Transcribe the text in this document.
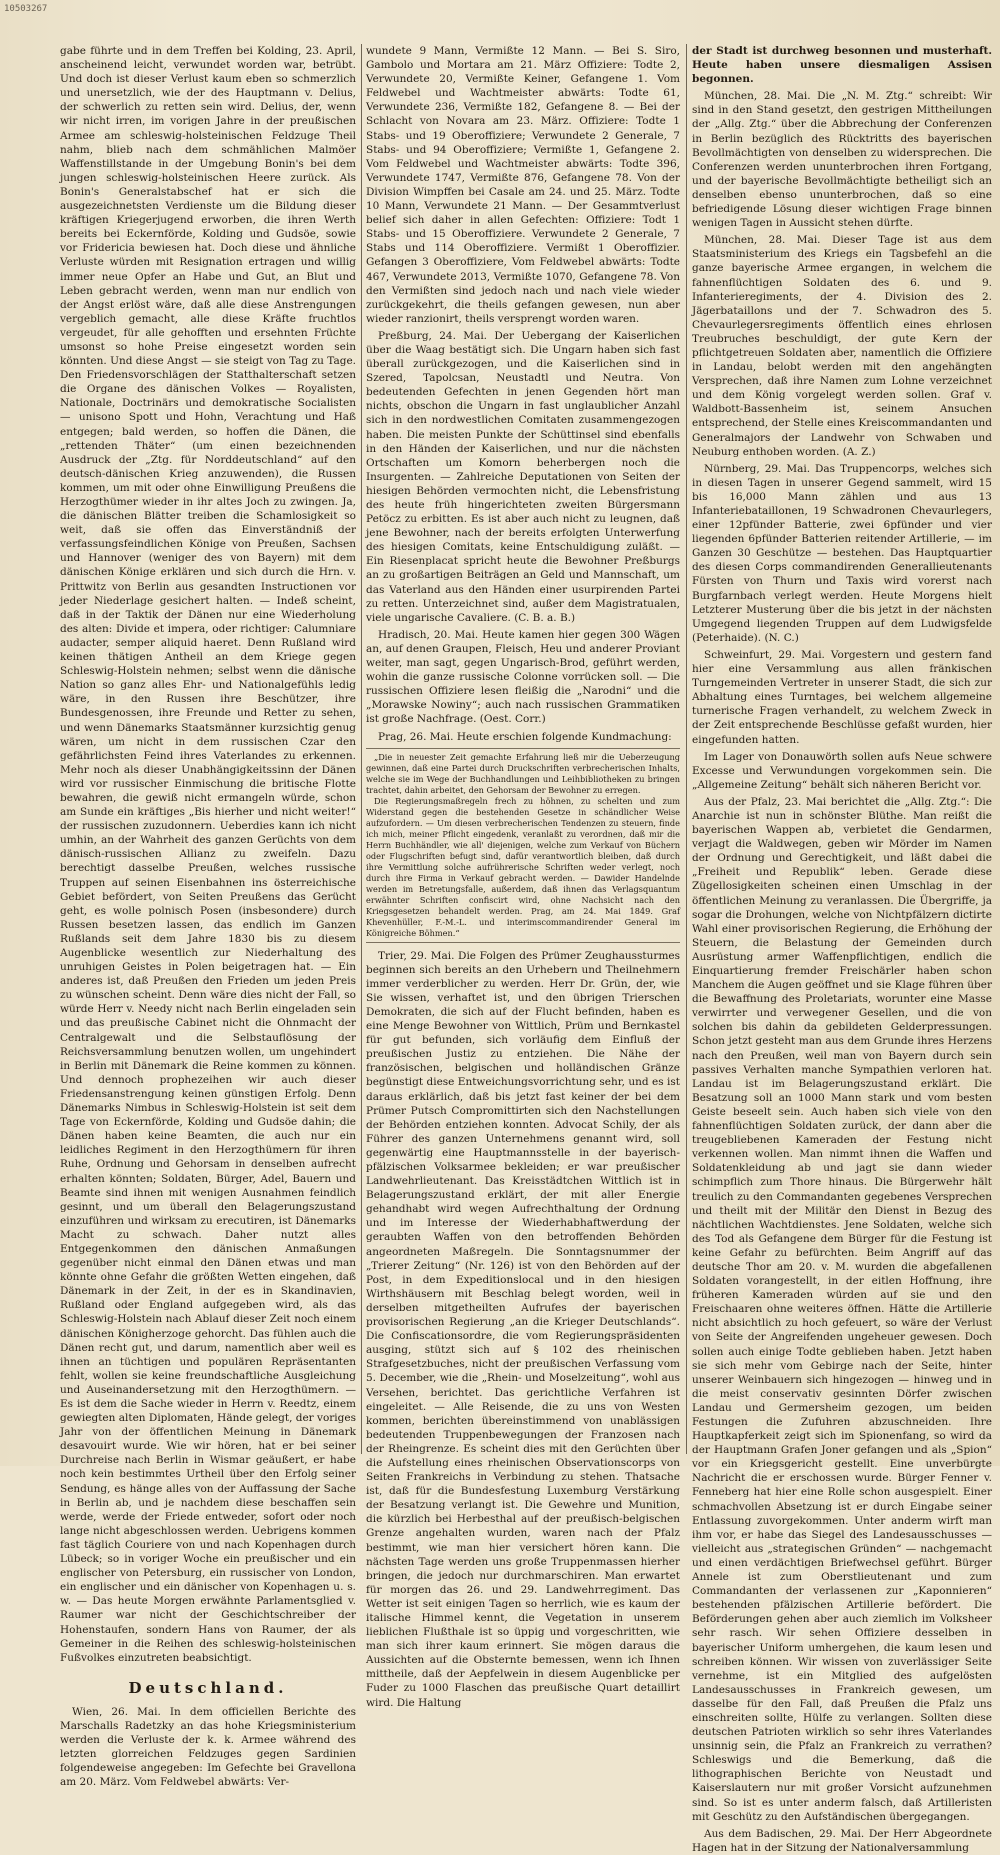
10503267

gabe führte und in dem Treffen bei Kolding, 23. April, anscheinend leicht, verwundet worden war, betrübt. Und doch ist dieser Verlust kaum eben so schmerzlich und unersetzlich, wie der des Hauptmann v. Delius, der schwerlich zu retten sein wird. Delius, der, wenn wir nicht irren, im vorigen Jahre in der preußischen Armee am schleswig-holsteinischen Feldzuge Theil nahm, blieb nach dem schmählichen Malmöer Waffenstillstande in der Umgebung Bonin's bei dem jungen schleswig-holsteinischen Heere zurück. Als Bonin's Generalstabschef hat er sich die ausgezeichnetsten Verdienste um die Bildung dieser kräftigen Kriegerjugend erworben, die ihren Werth bereits bei Eckernförde, Kolding und Gudsöe, sowie vor Fridericia bewiesen hat. Doch diese und ähnliche Verluste würden mit Resignation ertragen und willig immer neue Opfer an Habe und Gut, an Blut und Leben gebracht werden, wenn man nur endlich von der Angst erlöst wäre, daß alle diese Anstrengungen vergeblich gemacht, alle diese Kräfte fruchtlos vergeudet, für alle gehofften und ersehnten Früchte umsonst so hohe Preise eingesetzt worden sein könnten. Und diese Angst — sie steigt von Tag zu Tage. Den Friedensvorschlägen der Statthalterschaft setzen die Organe des dänischen Volkes — Royalisten, Nationale, Doctrinärs und demokratische Socialisten — unisono Spott und Hohn, Verachtung und Haß entgegen; bald werden, so hoffen die Dänen, die „rettenden Thäter“ (um einen bezeichnenden Ausdruck der „Ztg. für Norddeutschland“ auf den deutsch-dänischen Krieg anzuwenden), die Russen kommen, um mit oder ohne Einwilligung Preußens die Herzogthümer wieder in ihr altes Joch zu zwingen. Ja, die dänischen Blätter treiben die Schamlosigkeit so weit, daß sie offen das Einverständniß der verfassungsfeindlichen Könige von Preußen, Sachsen und Hannover (weniger des von Bayern) mit dem dänischen Könige erklären und sich durch die Hrn. v. Prittwitz von Berlin aus gesandten Instructionen vor jeder Niederlage gesichert halten. — Indeß scheint, daß in der Taktik der Dänen nur eine Wiederholung des alten: Divide et impera, oder richtiger: Calumniare audacter, semper aliquid haeret. Denn Rußland wird keinen thätigen Antheil an dem Kriege gegen Schleswig-Holstein nehmen; selbst wenn die dänische Nation so ganz alles Ehr- und Nationalgefühls ledig wäre, in den Russen ihre Beschützer, ihre Bundesgenossen, ihre Freunde und Retter zu sehen, und wenn Dänemarks Staatsmänner kurzsichtig genug wären, um nicht in dem russischen Czar den gefährlichsten Feind ihres Vaterlandes zu erkennen. Mehr noch als dieser Unabhängigkeitssinn der Dänen wird vor russischer Einmischung die britische Flotte bewahren, die gewiß nicht ermangeln würde, schon am Sunde ein kräftiges „Bis hierher und nicht weiter!“ der russischen zuzudonnern. Ueberdies kann ich nicht umhin, an der Wahrheit des ganzen Gerüchts von dem dänisch-russischen Allianz zu zweifeln. Dazu berechtigt dasselbe Preußen, welches russische Truppen auf seinen Eisenbahnen ins österreichische Gebiet befördert, von Seiten Preußens das Gerücht geht, es wolle polnisch Posen (insbesondere) durch Russen besetzen lassen, das endlich im Ganzen Rußlands seit dem Jahre 1830 bis zu diesem Augenblicke wesentlich zur Niederhaltung des unruhigen Geistes in Polen beigetragen hat. — Ein anderes ist, daß Preußen den Frieden um jeden Preis zu wünschen scheint. Denn wäre dies nicht der Fall, so würde Herr v. Needy nicht nach Berlin eingeladen sein und das preußische Cabinet nicht die Ohnmacht der Centralgewalt und die Selbstauflösung der Reichsversammlung benutzen wollen, um ungehindert in Berlin mit Dänemark die Reine kommen zu können. Und dennoch prophezeihen wir auch dieser Friedensanstrengung keinen günstigen Erfolg. Denn Dänemarks Nimbus in Schleswig-Holstein ist seit dem Tage von Eckernförde, Kolding und Gudsöe dahin; die Dänen haben keine Beamten, die auch nur ein leidliches Regiment in den Herzogthümern für ihren Ruhe, Ordnung und Gehorsam in denselben aufrecht erhalten könnten; Soldaten, Bürger, Adel, Bauern und Beamte sind ihnen mit wenigen Ausnahmen feindlich gesinnt, und um überall den Belagerungszustand einzuführen und wirksam zu erecutiren, ist Dänemarks Macht zu schwach. Daher nutzt alles Entgegenkommen den dänischen Anmaßungen gegenüber nicht einmal den Dänen etwas und man könnte ohne Gefahr die größten Wetten eingehen, daß Dänemark in der Zeit, in der es in Skandinavien, Rußland oder England aufgegeben wird, als das Schleswig-Holstein nach Ablauf dieser Zeit noch einem dänischen Königherzoge gehorcht. Das fühlen auch die Dänen recht gut, und darum, namentlich aber weil es ihnen an tüchtigen und populären Repräsentanten fehlt, wollen sie keine freundschaftliche Ausgleichung und Auseinandersetzung mit den Herzogthümern. — Es ist dem die Sache wieder in Herrn v. Reedtz, einem gewiegten alten Diplomaten, Hände gelegt, der voriges Jahr von der öffentlichen Meinung in Dänemark desavouirt wurde. Wie wir hören, hat er bei seiner Durchreise nach Berlin in Wismar geäußert, er habe noch kein bestimmtes Urtheil über den Erfolg seiner Sendung, es hänge alles von der Auffassung der Sache in Berlin ab, und je nachdem diese beschaffen sein werde, werde der Friede entweder, sofort oder noch lange nicht abgeschlossen werden. Uebrigens kommen fast täglich Couriere von und nach Kopenhagen durch Lübeck; so in voriger Woche ein preußischer und ein englischer von Petersburg, ein russischer von London, ein englischer und ein dänischer von Kopenhagen u. s. w. — Das heute Morgen erwähnte Parlamentsglied v. Raumer war nicht der Geschichtschreiber der Hohenstaufen, sondern Hans von Raumer, der als Gemeiner in die Reihen des schleswig-holsteinischen Fußvolkes einzutreten beabsichtigt.

Deutschland.

Wien, 26. Mai. In dem officiellen Berichte des Marschalls Radetzky an das hohe Kriegsministerium werden die Verluste der k. k. Armee während des letzten glorreichen Feldzuges gegen Sardinien folgendeweise angegeben: Im Gefechte bei Gravellona am 20. März. Vom Feldwebel abwärts: Ver-

wundete 9 Mann, Vermißte 12 Mann. — Bei S. Siro, Gambolo und Mortara am 21. März Offiziere: Todte 2, Verwundete 20, Vermißte Keiner, Gefangene 1. Vom Feldwebel und Wachtmeister abwärts: Todte 61, Verwundete 236, Vermißte 182, Gefangene 8. — Bei der Schlacht von Novara am 23. März. Offiziere: Todte 1 Stabs- und 19 Oberoffiziere; Verwundete 2 Generale, 7 Stabs- und 94 Oberoffiziere; Vermißte 1, Gefangene 2. Vom Feldwebel und Wachtmeister abwärts: Todte 396, Verwundete 1747, Vermißte 876, Gefangene 78. Von der Division Wimpffen bei Casale am 24. und 25. März. Todte 10 Mann, Verwundete 21 Mann. — Der Gesammtverlust belief sich daher in allen Gefechten: Offiziere: Todt 1 Stabs- und 15 Oberoffiziere. Verwundete 2 Generale, 7 Stabs und 114 Oberoffiziere. Vermißt 1 Oberoffizier. Gefangen 3 Oberoffiziere, Vom Feldwebel abwärts: Todte 467, Verwundete 2013, Vermißte 1070, Gefangene 78. Von den Vermißten sind jedoch nach und nach viele wieder zurückgekehrt, die theils gefangen gewesen, nun aber wieder ranzionirt, theils versprengt worden waren.

Preßburg, 24. Mai. Der Uebergang der Kaiserlichen über die Waag bestätigt sich. Die Ungarn haben sich fast überall zurückgezogen, und die Kaiserlichen sind in Szered, Tapolcsan, Neustadtl und Neutra. Von bedeutenden Gefechten in jenen Gegenden hört man nichts, obschon die Ungarn in fast unglaublicher Anzahl sich in den nordwestlichen Comitaten zusammengezogen haben. Die meisten Punkte der Schüttinsel sind ebenfalls in den Händen der Kaiserlichen, und nur die nächsten Ortschaften um Komorn beherbergen noch die Insurgenten. — Zahlreiche Deputationen von Seiten der hiesigen Behörden vermochten nicht, die Lebensfristung des heute früh hingerichteten zweiten Bürgersmann Petöcz zu erbitten. Es ist aber auch nicht zu leugnen, daß jene Bewohner, nach der bereits erfolgten Unterwerfung des hiesigen Comitats, keine Entschuldigung zuläßt. — Ein Riesenplacat spricht heute die Bewohner Preßburgs an zu großartigen Beiträgen an Geld und Mannschaft, um das Vaterland aus den Händen einer usurpirenden Partei zu retten. Unterzeichnet sind, außer dem Magistratualen, viele ungarische Cavaliere. (C. B. a. B.)

Hradisch, 20. Mai. Heute kamen hier gegen 300 Wägen an, auf denen Graupen, Fleisch, Heu und anderer Proviant weiter, man sagt, gegen Ungarisch-Brod, geführt werden, wohin die ganze russische Colonne vorrücken soll. — Die russischen Offiziere lesen fleißig die „Narodni“ und die „Morawske Nowiny“; auch nach russischen Grammatiken ist große Nachfrage. (Oest. Corr.)

Prag, 26. Mai. Heute erschien folgende Kundmachung:

„Die in neuester Zeit gemachte Erfahrung ließ mir die Ueberzeugung gewinnen, daß eine Partei durch Druckschriften verbrecherischen Inhalts, welche sie im Wege der Buchhandlungen und Leihbibliotheken zu bringen trachtet, dahin arbeitet, den Gehorsam der Bewohner zu erregen.

Die Regierungsmaßregeln frech zu höhnen, zu schelten und zum Widerstand gegen die bestehenden Gesetze in schändlicher Weise aufzufordern. — Um diesen verbrecherischen Tendenzen zu steuern, finde ich mich, meiner Pflicht eingedenk, veranlaßt zu verordnen, daß mir die Herrn Buchhändler, wie all' diejenigen, welche zum Verkauf von Büchern oder Flugschriften befugt sind, dafür verantwortlich bleiben, daß durch ihre Vermittlung solche aufrührerische Schriften weder verlegt, noch durch ihre Firma in Verkauf gebracht werden. — Dawider Handelnde werden im Betretungsfalle, außerdem, daß ihnen das Verlagsquantum erwähnter Schriften confiscirt wird, ohne Nachsicht nach den Kriegsgesetzen behandelt werden. Prag, am 24. Mai 1849. Graf Khevenhüller, F.-M.-L. und interimscommandirender General im Königreiche Böhmen.“

Trier, 29. Mai. Die Folgen des Prümer Zeughaussturmes beginnen sich bereits an den Urhebern und Theilnehmern immer verderblicher zu werden. Herr Dr. Grün, der, wie Sie wissen, verhaftet ist, und den übrigen Trierschen Demokraten, die sich auf der Flucht befinden, haben es eine Menge Bewohner von Wittlich, Prüm und Bernkastel für gut befunden, sich vorläufig dem Einfluß der preußischen Justiz zu entziehen. Die Nähe der französischen, belgischen und holländischen Gränze begünstigt diese Entweichungsvorrichtung sehr, und es ist daraus erklärlich, daß bis jetzt fast keiner der bei dem Prümer Putsch Compromittirten sich den Nachstellungen der Behörden entziehen konnten. Advocat Schily, der als Führer des ganzen Unternehmens genannt wird, soll gegenwärtig eine Hauptmannsstelle in der bayerisch-pfälzischen Volksarmee bekleiden; er war preußischer Landwehrlieutenant. Das Kreisstädtchen Wittlich ist in Belagerungszustand erklärt, der mit aller Energie gehandhabt wird wegen Aufrechthaltung der Ordnung und im Interesse der Wiederhabhaftwerdung der geraubten Waffen von den betroffenden Behörden angeordneten Maßregeln. Die Sonntagsnummer der „Trierer Zeitung“ (Nr. 126) ist von den Behörden auf der Post, in dem Expeditionslocal und in den hiesigen Wirthshäusern mit Beschlag belegt worden, weil in derselben mitgetheilten Aufrufes der bayerischen provisorischen Regierung „an die Krieger Deutschlands“. Die Confiscationsordre, die vom Regierungspräsidenten ausging, stützt sich auf § 102 des rheinischen Strafgesetzbuches, nicht der preußischen Verfassung vom 5. December, wie die „Rhein- und Moselzeitung“, wohl aus Versehen, berichtet. Das gerichtliche Verfahren ist eingeleitet. — Alle Reisende, die zu uns von Westen kommen, berichten übereinstimmend von unablässigen bedeutenden Truppenbewegungen der Franzosen nach der Rheingrenze. Es scheint dies mit den Gerüchten über die Aufstellung eines rheinischen Observationscorps von Seiten Frankreichs in Verbindung zu stehen. Thatsache ist, daß für die Bundesfestung Luxemburg Verstärkung der Besatzung verlangt ist. Die Gewehre und Munition, die kürzlich bei Herbesthal auf der preußisch-belgischen Grenze angehalten wurden, waren nach der Pfalz bestimmt, wie man hier versichert hören kann. Die nächsten Tage werden uns große Truppenmassen hierher bringen, die jedoch nur durchmarschiren. Man erwartet für morgen das 26. und 29. Landwehrregiment. Das Wetter ist seit einigen Tagen so herrlich, wie es kaum der italische Himmel kennt, die Vegetation in unserem lieblichen Flußthale ist so üppig und vorgeschritten, wie man sich ihrer kaum erinnert. Sie mögen daraus die Aussichten auf die Obsternte bemessen, wenn ich Ihnen mittheile, daß der Aepfelwein in diesem Augenblicke per Fuder zu 1000 Flaschen das preußische Quart detaillirt wird. Die Haltung

der Stadt ist durchweg besonnen und musterhaft. Heute haben unsere diesmaligen Assisen begonnen.

München, 28. Mai. Die „N. M. Ztg.“ schreibt: Wir sind in den Stand gesetzt, den gestrigen Mittheilungen der „Allg. Ztg.“ über die Abbrechung der Conferenzen in Berlin bezüglich des Rücktritts des bayerischen Bevollmächtigten von denselben zu widersprechen. Die Conferenzen werden ununterbrochen ihren Fortgang, und der bayerische Bevollmächtigte betheiligt sich an denselben ebenso ununterbrochen, daß so eine befriedigende Lösung dieser wichtigen Frage binnen wenigen Tagen in Aussicht stehen dürfte.

München, 28. Mai. Dieser Tage ist aus dem Staatsministerium des Kriegs ein Tagsbefehl an die ganze bayerische Armee ergangen, in welchem die fahnenflüchtigen Soldaten des 6. und 9. Infanterieregiments, der 4. Division des 2. Jägerbataillons und der 7. Schwadron des 5. Chevaurlegersregiments öffentlich eines ehrlosen Treubruches beschuldigt, der gute Kern der pflichtgetreuen Soldaten aber, namentlich die Offiziere in Landau, belobt werden mit den angehängten Versprechen, daß ihre Namen zum Lohne verzeichnet und dem König vorgelegt werden sollen. Graf v. Waldbott-Bassenheim ist, seinem Ansuchen entsprechend, der Stelle eines Kreiscommandanten und Generalmajors der Landwehr von Schwaben und Neuburg enthoben worden. (A. Z.)

Nürnberg, 29. Mai. Das Truppencorps, welches sich in diesen Tagen in unserer Gegend sammelt, wird 15 bis 16,000 Mann zählen und aus 13 Infanteriebataillonen, 19 Schwadronen Chevaurlegers, einer 12pfünder Batterie, zwei 6pfünder und vier liegenden 6pfünder Batterien reitender Artillerie, — im Ganzen 30 Geschütze — bestehen. Das Hauptquartier des diesen Corps commandirenden Generallieutenants Fürsten von Thurn und Taxis wird vorerst nach Burgfarnbach verlegt werden. Heute Morgens hielt Letzterer Musterung über die bis jetzt in der nächsten Umgegend liegenden Truppen auf dem Ludwigsfelde (Peterhaide). (N. C.)

Schweinfurt, 29. Mai. Vorgestern und gestern fand hier eine Versammlung aus allen fränkischen Turngemeinden Vertreter in unserer Stadt, die sich zur Abhaltung eines Turntages, bei welchem allgemeine turnerische Fragen verhandelt, zu welchem Zweck in der Zeit entsprechende Beschlüsse gefaßt wurden, hier eingefunden hatten.

Im Lager von Donauwörth sollen aufs Neue schwere Excesse und Verwundungen vorgekommen sein. Die „Allgemeine Zeitung“ behält sich näheren Bericht vor.

Aus der Pfalz, 23. Mai berichtet die „Allg. Ztg.“: Die Anarchie ist nun in schönster Blüthe. Man reißt die bayerischen Wappen ab, verbietet die Gendarmen, verjagt die Waldwegen, geben wir Mörder im Namen der Ordnung und Gerechtigkeit, und läßt dabei die „Freiheit und Republik“ leben. Gerade diese Zügellosigkeiten scheinen einen Umschlag in der öffentlichen Meinung zu veranlassen. Die Übergriffe, ja sogar die Drohungen, welche von Nichtpfälzern dictirte Wahl einer provisorischen Regierung, die Erhöhung der Steuern, die Belastung der Gemeinden durch Ausrüstung armer Waffenpflichtigen, endlich die Einquartierung fremder Freischärler haben schon Manchem die Augen geöffnet und sie Klage führen über die Bewaffnung des Proletariats, worunter eine Masse verwirrter und verwegener Gesellen, und die von solchen bis dahin da gebildeten Gelderpressungen. Schon jetzt gesteht man aus dem Grunde ihres Herzens nach den Preußen, weil man von Bayern durch sein passives Verhalten manche Sympathien verloren hat. Landau ist im Belagerungszustand erklärt. Die Besatzung soll an 1000 Mann stark und vom besten Geiste beseelt sein. Auch haben sich viele von den fahnenflüchtigen Soldaten zurück, der dann aber die treugebliebenen Kameraden der Festung nicht verkennen wollen. Man nimmt ihnen die Waffen und Soldatenkleidung ab und jagt sie dann wieder schimpflich zum Thore hinaus. Die Bürgerwehr hält treulich zu den Commandanten gegebenes Versprechen und theilt mit der Militär den Dienst in Bezug des nächtlichen Wachtdienstes. Jene Soldaten, welche sich des Tod als Gefangene dem Bürger für die Festung ist keine Gefahr zu befürchten. Beim Angriff auf das deutsche Thor am 20. v. M. wurden die abgefallenen Soldaten vorangestellt, in der eitlen Hoffnung, ihre früheren Kameraden würden auf sie und den Freischaaren ohne weiteres öffnen. Hätte die Artillerie nicht absichtlich zu hoch gefeuert, so wäre der Verlust von Seite der Angreifenden ungeheuer gewesen. Doch sollen auch einige Todte geblieben haben. Jetzt haben sie sich mehr vom Gebirge nach der Seite, hinter unserer Weinbauern sich hingezogen — hinweg und in die meist conservativ gesinnten Dörfer zwischen Landau und Germersheim gezogen, um beiden Festungen die Zufuhren abzuschneiden. Ihre Hauptkapferkeit zeigt sich im Spionenfang, so wird da der Hauptmann Grafen Joner gefangen und als „Spion“ vor ein Kriegsgericht gestellt. Eine unverbürgte Nachricht die er erschossen wurde. Bürger Fenner v. Fenneberg hat hier eine Rolle schon ausgespielt. Einer schmachvollen Absetzung ist er durch Eingabe seiner Entlassung zuvorgekommen. Unter anderm wirft man ihm vor, er habe das Siegel des Landesausschusses — vielleicht aus „strategischen Gründen“ — nachgemacht und einen verdächtigen Briefwechsel geführt. Bürger Annele ist zum Oberstlieutenant und zum Commandanten der verlassenen zur „Kaponnieren“ bestehenden pfälzischen Artillerie befördert. Die Beförderungen gehen aber auch ziemlich im Volksheer sehr rasch. Wir sehen Offiziere desselben in bayerischer Uniform umhergehen, die kaum lesen und schreiben können. Wir wissen von zuverlässiger Seite vernehme, ist ein Mitglied des aufgelösten Landesausschusses in Frankreich gewesen, um dasselbe für den Fall, daß Preußen die Pfalz uns einschreiten sollte, Hülfe zu verlangen. Sollten diese deutschen Patrioten wirklich so sehr ihres Vaterlandes unsinnig sein, die Pfalz an Frankreich zu verrathen? Schleswigs und die Bemerkung, daß die lithographischen Berichte von Neustadt und Kaiserslautern nur mit großer Vorsicht aufzunehmen sind. So ist es unter anderm falsch, daß Artilleristen mit Geschütz zu den Aufständischen übergegangen.

Aus dem Badischen, 29. Mai. Der Herr Abgeordnete Hagen hat in der Sitzung der Nationalversammlung
